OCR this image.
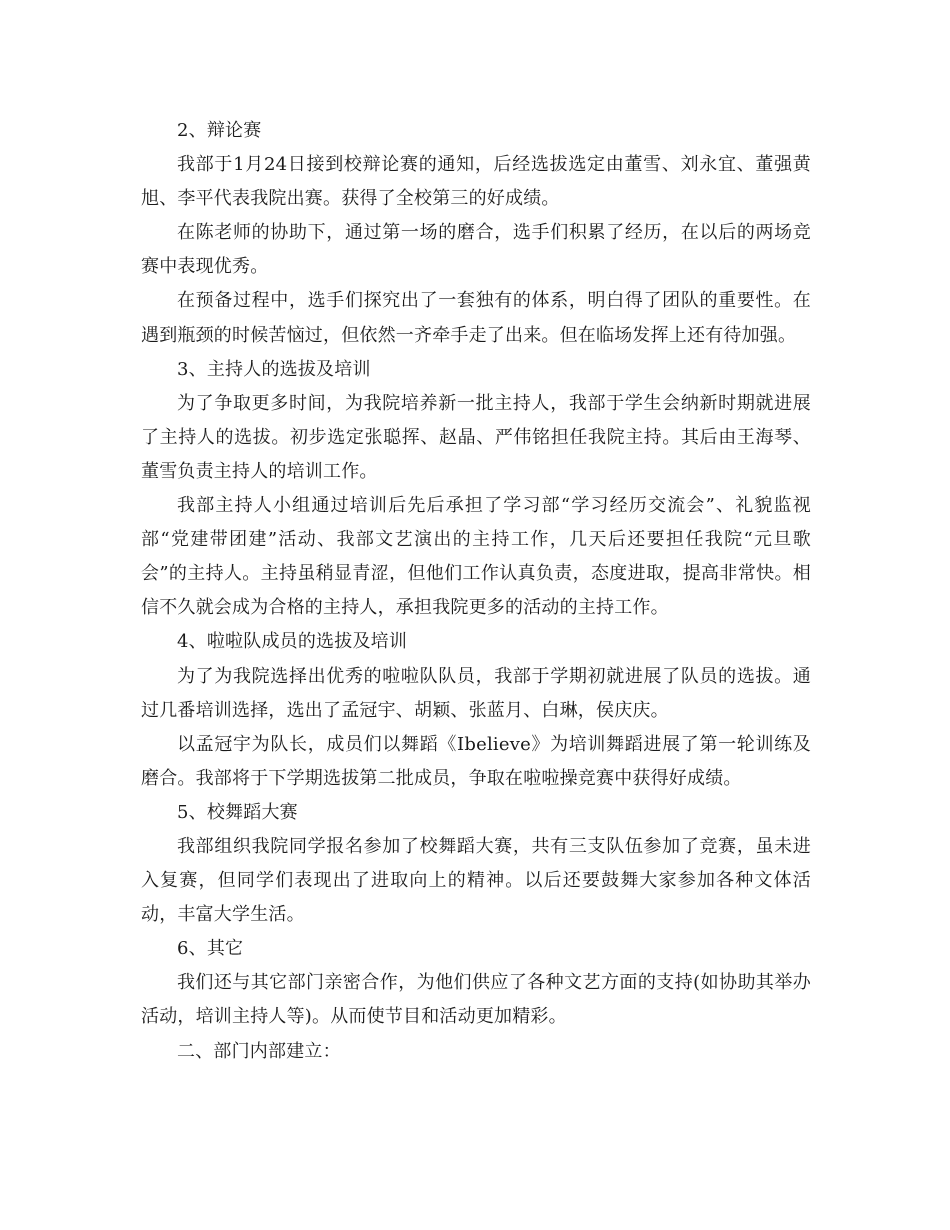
2、辩论赛

我部于1月24日接到校辩论赛的通知，后经选拔选定由董雪、刘永宜、董强黄旭、李平代表我院出赛。获得了全校第三的好成绩。

在陈老师的协助下，通过第一场的磨合，选手们积累了经历，在以后的两场竞赛中表现优秀。

在预备过程中，选手们探究出了一套独有的体系，明白得了团队的重要性。在遇到瓶颈的时候苦恼过，但依然一齐牵手走了出来。但在临场发挥上还有待加强。

3、主持人的选拔及培训

为了争取更多时间，为我院培养新一批主持人，我部于学生会纳新时期就进展了主持人的选拔。初步选定张聪挥、赵晶、严伟铭担任我院主持。其后由王海琴、董雪负责主持人的培训工作。

我部主持人小组通过培训后先后承担了学习部“学习经历交流会”、礼貌监视部“党建带团建”活动、我部文艺演出的主持工作，几天后还要担任我院“元旦歌会”的主持人。主持虽稍显青涩，但他们工作认真负责，态度进取，提高非常快。相信不久就会成为合格的主持人，承担我院更多的活动的主持工作。

4、啦啦队成员的选拔及培训

为了为我院选择出优秀的啦啦队队员，我部于学期初就进展了队员的选拔。通过几番培训选择，选出了孟冠宇、胡颖、张蓝月、白琳，侯庆庆。

以孟冠宇为队长，成员们以舞蹈《Ibelieve》为培训舞蹈进展了第一轮训练及磨合。我部将于下学期选拔第二批成员，争取在啦啦操竞赛中获得好成绩。

5、校舞蹈大赛

我部组织我院同学报名参加了校舞蹈大赛，共有三支队伍参加了竞赛，虽未进入复赛，但同学们表现出了进取向上的精神。以后还要鼓舞大家参加各种文体活动，丰富大学生活。

6、其它

我们还与其它部门亲密合作，为他们供应了各种文艺方面的支持(如协助其举办活动，培训主持人等)。从而使节目和活动更加精彩。

二、部门内部建立：
